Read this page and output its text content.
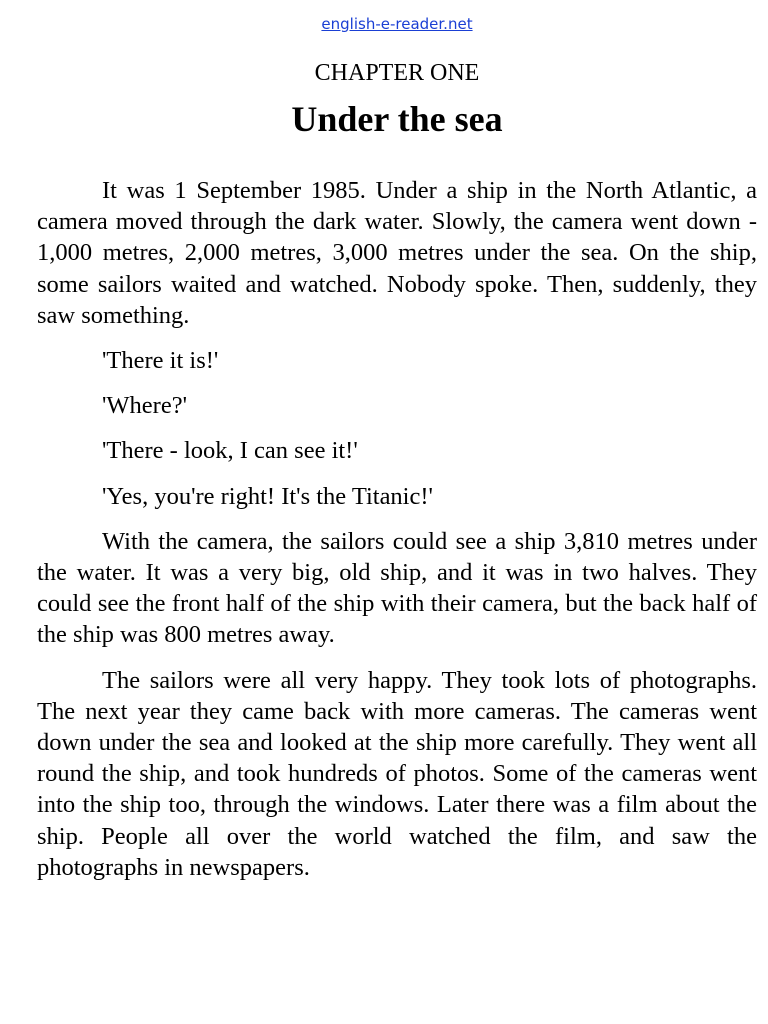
english-e-reader.net
CHAPTER ONE
Under the sea

It was 1 September 1985. Under a ship in the North Atlantic, a camera moved through the dark water. Slowly, the camera went down - 1,000 metres, 2,000 metres, 3,000 metres under the sea. On the ship, some sailors waited and watched. Nobody spoke. Then, suddenly, they saw something.

'There it is!'

'Where?'

'There - look, I can see it!'

'Yes, you're right! It's the Titanic!'

With the camera, the sailors could see a ship 3,810 metres under the water. It was a very big, old ship, and it was in two halves. They could see the front half of the ship with their camera, but the back half of the ship was 800 metres away.

The sailors were all very happy. They took lots of photographs. The next year they came back with more cameras. The cameras went down under the sea and looked at the ship more carefully. They went all round the ship, and took hundreds of photos. Some of the cameras went into the ship too, through the windows. Later there was a film about the ship. People all over the world watched the film, and saw the photographs in newspapers.
